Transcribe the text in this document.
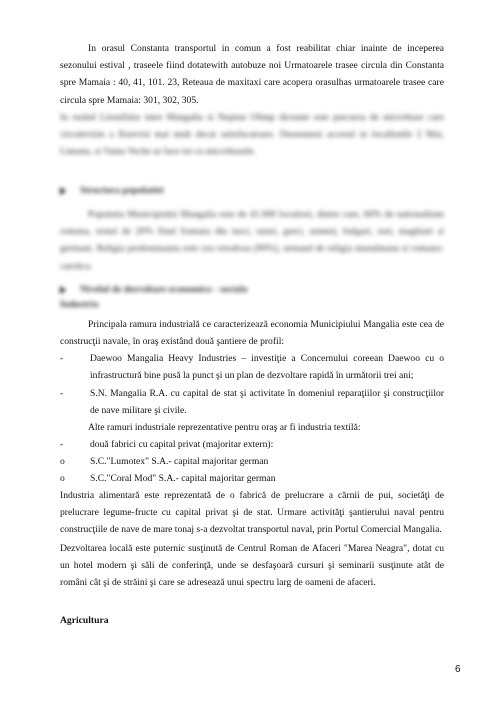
In orasul Constanta transportul in comun a fost reabilitat chiar inainte de inceperea sezonului estival , traseele fiind dotatewith autobuze noi Urmatoarele trasee circula din Constanta spre Mamaia : 40, 41, 101. 23, Reteaua de maxitaxi care acopera orasulhas urmatoarele trasee care circula spre Mamaia: 301, 302, 305.

In rusled Lirenifalsr intre Mangalia si Neptun Olimp dictante este parcursa de microbuze care circulevizie a florevisi mai mult decat satisfacatoare. Deasemeni accesul in localitatile 2 Mai, Limanu, si Vama Veche se face tot cu microbuzele.

Structura populatiei

Populatia Municipiului Mangalia este de 41.000 locuitori, dintre care, 60% de nationalitate romana, restul de 20% fiind formata din turci, tatari, greci, armeni, bulgari, rusi, maghiari si germani. Religia predominanta este cea ortodoxa (90%), urmand de religia musulmana si romano-catolica.

Nivelul de dezvoltare economico - sociala
Industria

Principala ramura industrială ce caracterizează economia Municipiului Mangalia este cea de construcţii navale, în oraş existând două şantiere de profil:

-	Daewoo Mangalia Heavy Industries – investiţie a Concernului coreean Daewoo cu o infrastructură bine pusă la punct şi un plan de dezvoltare rapidă în următorii trei ani;
-	S.N. Mangalia R.A. cu capital de stat şi activitate în domeniul reparaţiilor şi construcţiilor de nave militare şi civile.

Alte ramuri industriale reprezentative pentru oraş ar fi industria textilă:

-	două fabrici cu capital privat (majoritar extern):
o	S.C."Lumotex" S.A.- capital majoritar german
o	S.C."Coral Mod" S.A.- capital majoritar german

Industria alimentară este reprezentată de o fabrică de prelucrare a cărnii de pui, societăţi de prelucrare legume-fructe cu capital privat şi de stat. Urmare activităţi şantierului naval pentru construcţiile de nave de mare tonaj s-a dezvoltat transportul naval, prin Portul Comercial Mangalia.

Dezvoltarea locală este puternic susţinută de Centrul Roman de Afaceri "Marea Neagra", dotat cu un hotel modern şi săli de conferinţă, unde se desfaşoară cursuri şi seminarii susţinute atât de români cât şi de străini şi care se adresează unui spectru larg de oameni de afaceri.

Agricultura
6
